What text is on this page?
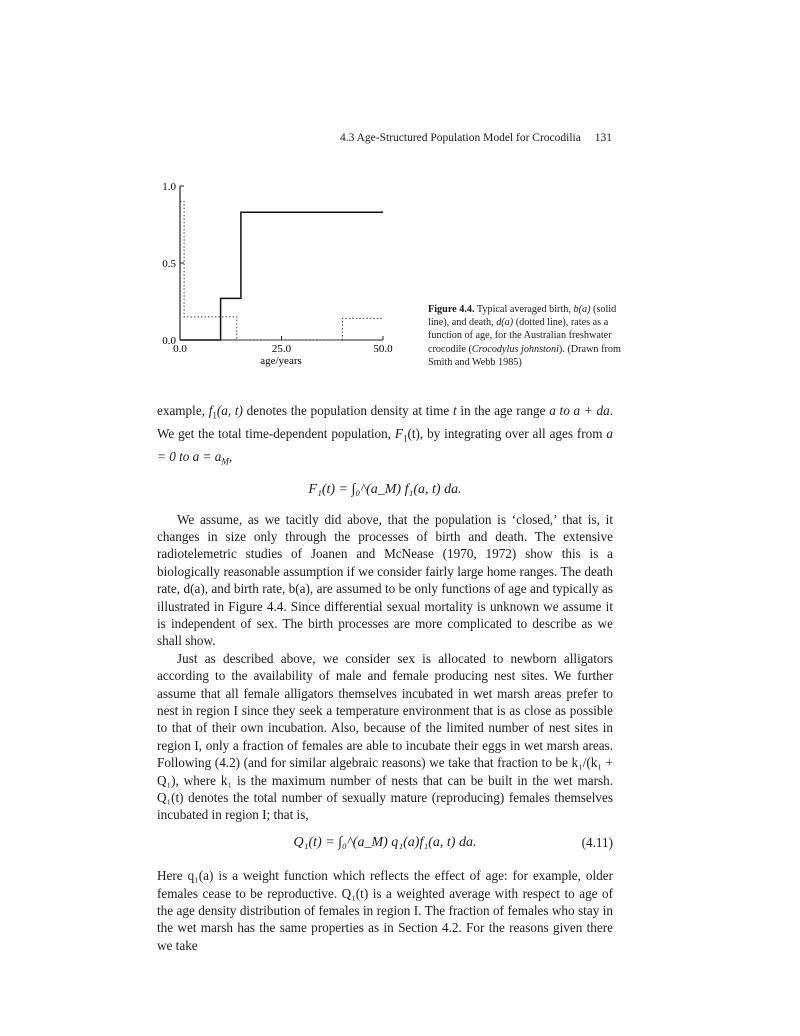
4.3 Age-Structured Population Model for Crocodilia 131
0.0
0.5
1.0
0.0	25.0	50.0
age/years
Figure 4.4. Typical averaged birth, b(a) (solid line), and death, d(a) (dotted line), rates as a function of age, for the Australian freshwater crocodile (Crocodylus johnstoni). (Drawn from Smith and Webb 1985)

example, $f_1(a$, t) denotes the population density at time t in the age range a to a + da. We get the total time-dependent population, $F_1(t)$, by integrating over all ages from a = 0 to $a = a_M$,

F₁(t) = ∫₀^(a_M) f₁(a, t) da.

We assume, as we tacitly did above, that the population is ‘closed,’ that is, it changes in size only through the processes of birth and death. The extensive radiotelemetric studies of Joanen and McNease (1970, 1972) show this is a biologically reasonable assumption if we consider fairly large home ranges. The death rate, d(a), and birth rate, b(a), are assumed to be only functions of age and typically as illustrated in Figure 4.4. Since differential sexual mortality is unknown we assume it is independent of sex. The birth processes are more complicated to describe as we shall show.

Just as described above, we consider sex is allocated to newborn alligators according to the availability of male and female producing nest sites. We further assume that all female alligators themselves incubated in wet marsh areas prefer to nest in region I since they seek a temperature environment that is as close as possible to that of their own incubation. Also, because of the limited number of nest sites in region I, only a fraction of females are able to incubate their eggs in wet marsh areas. Following (4.2) (and for similar algebraic reasons) we take that fraction to be k₁/(k₁ + Q₁), where k₁ is the maximum number of nests that can be built in the wet marsh. Q₁(t) denotes the total number of sexually mature (reproducing) females themselves incubated in region I; that is,

Q₁(t) = ∫₀^(a_M) q₁(a)f₁(a, t) da.	(4.11)

Here q₁(a) is a weight function which reflects the effect of age: for example, older females cease to be reproductive. Q₁(t) is a weighted average with respect to age of the age density distribution of females in region I. The fraction of females who stay in the wet marsh has the same properties as in Section 4.2. For the reasons given there we take
